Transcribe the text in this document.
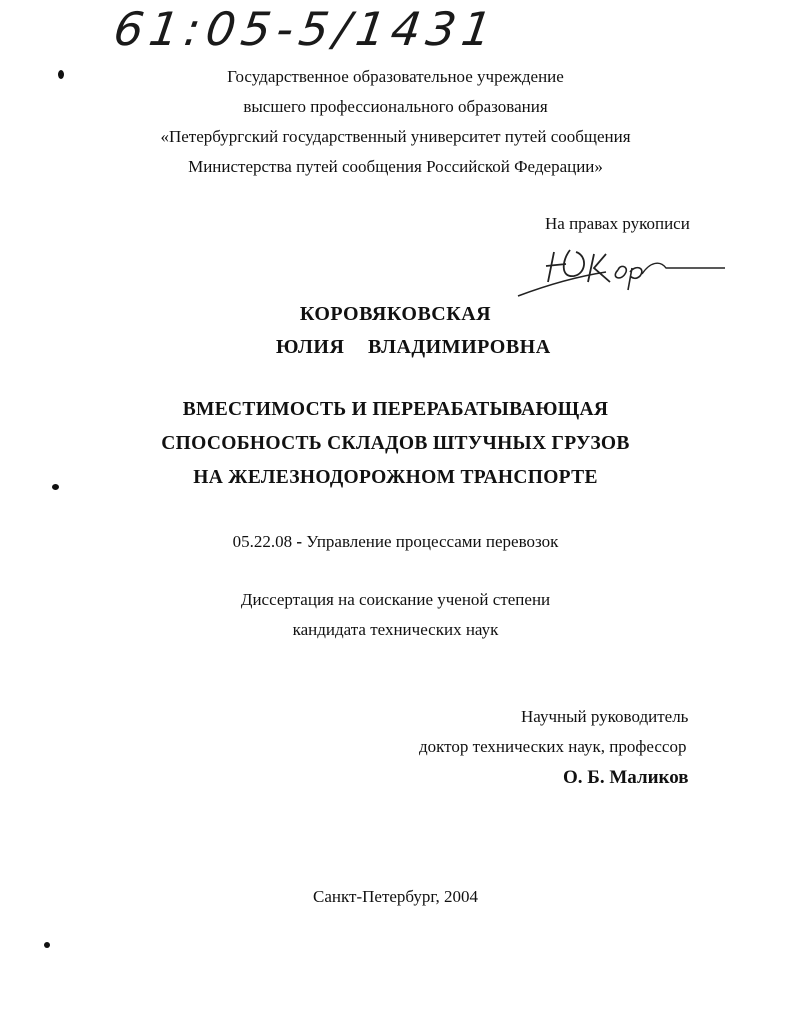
61:05-5/1431
Государственное образовательное учреждение
высшего профессионального образования
«Петербургский государственный университет путей сообщения
Министерства путей сообщения Российской Федерации»
На правах рукописи
КОРОВЯКОВСКАЯ
ЮЛИЯ ВЛАДИМИРОВНА
ВМЕСТИМОСТЬ И ПЕРЕРАБАТЫВАЮЩАЯ
СПОСОБНОСТЬ СКЛАДОВ ШТУЧНЫХ ГРУЗОВ
НА ЖЕЛЕЗНОДОРОЖНОМ ТРАНСПОРТЕ
05.22.08 - Управление процессами перевозок
Диссертация на соискание ученой степени
кандидата технических наук
Научный руководитель
доктор технических наук, профессор
О. Б. Маликов
Санкт-Петербург, 2004
